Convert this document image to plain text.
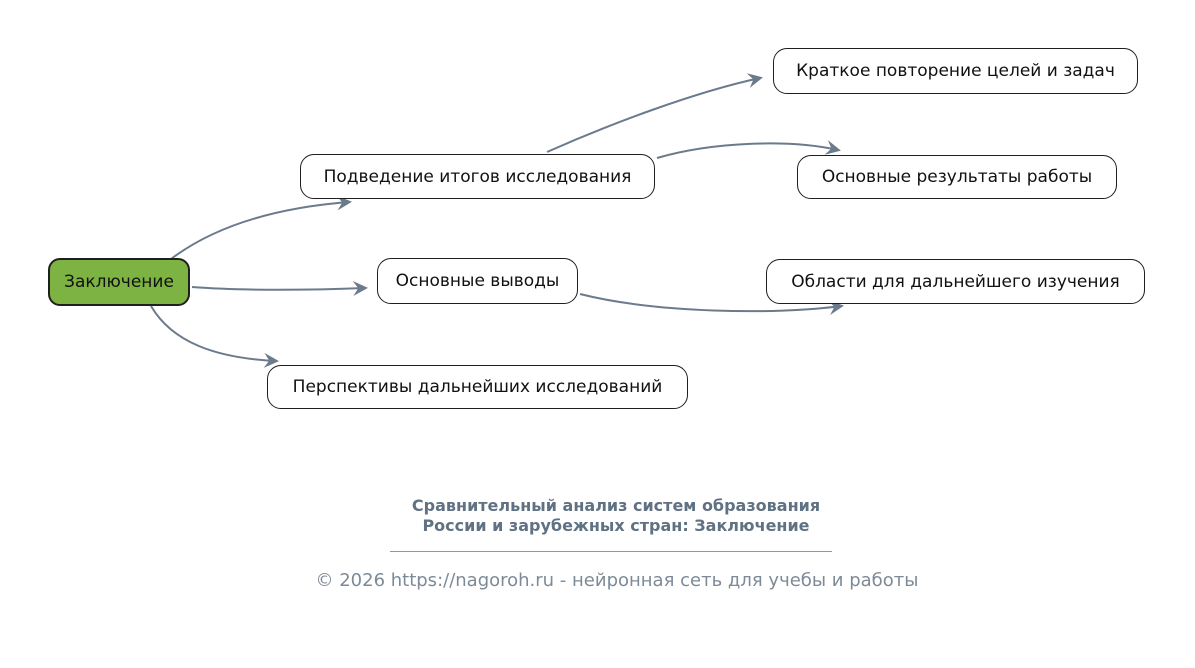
Заключение
Подведение итогов исследования
Краткое повторение целей и задач
Основные результаты работы
Основные выводы	Области для дальнейшего изучения
Перспективы дальнейших исследований
Сравнительный анализ систем образования
России и зарубежных стран: Заключение
© 2026 https://nagoroh.ru - нейронная сеть для учебы и работы
